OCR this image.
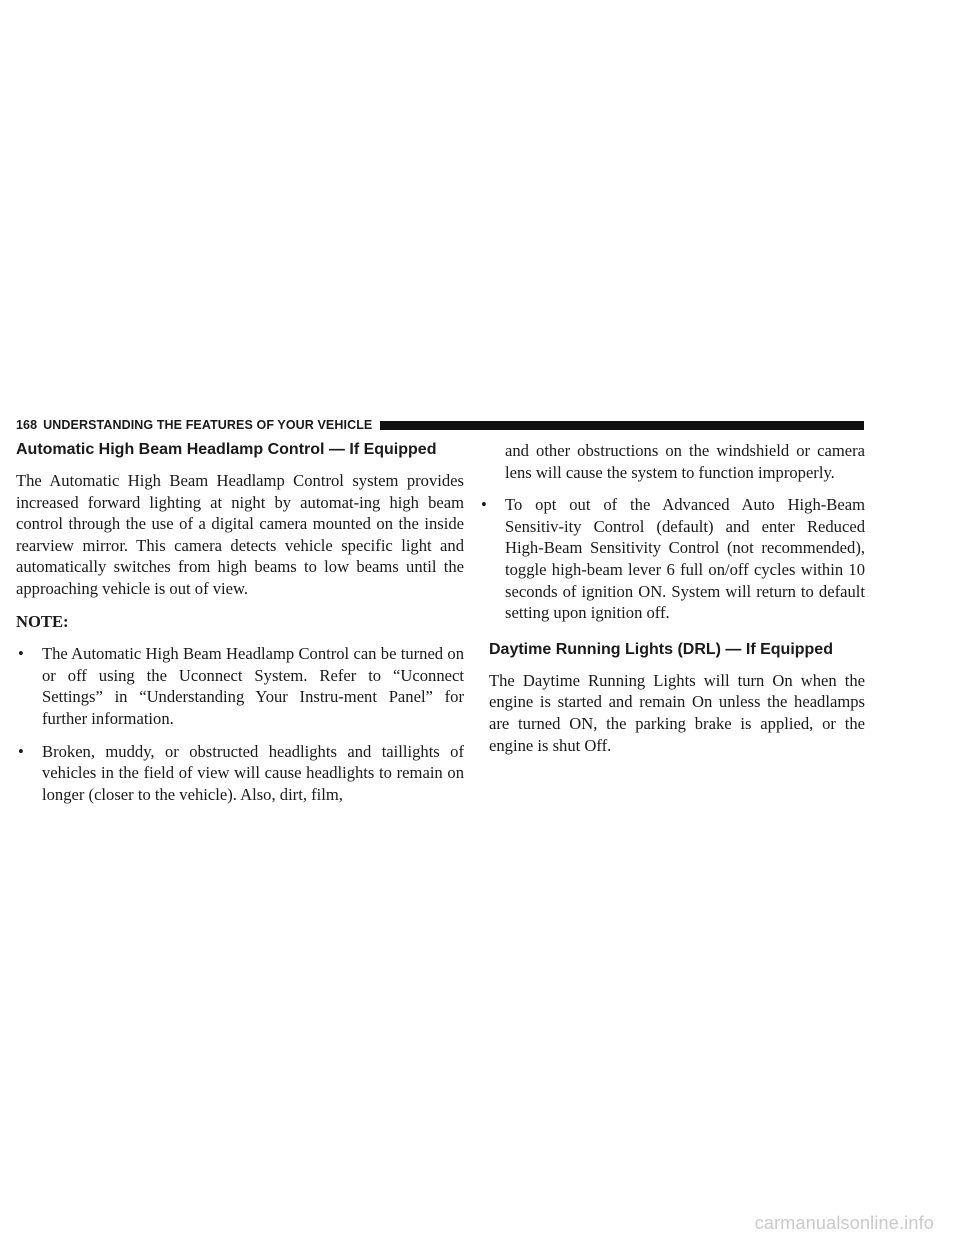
168 UNDERSTANDING THE FEATURES OF YOUR VEHICLE
Automatic High Beam Headlamp Control — If Equipped

The Automatic High Beam Headlamp Control system provides increased forward lighting at night by automat-ing high beam control through the use of a digital camera mounted on the inside rearview mirror. This camera detects vehicle specific light and automatically switches from high beams to low beams until the approaching vehicle is out of view.

NOTE:

• The Automatic High Beam Headlamp Control can be turned on or off using the Uconnect System. Refer to “Uconnect Settings” in “Understanding Your Instru-ment Panel” for further information.
• Broken, muddy, or obstructed headlights and taillights of vehicles in the field of view will cause headlights to remain on longer (closer to the vehicle). Also, dirt, film,

and other obstructions on the windshield or camera lens will cause the system to function improperly.

• To opt out of the Advanced Auto High-Beam Sensitiv-ity Control (default) and enter Reduced High-Beam Sensitivity Control (not recommended), toggle high-beam lever 6 full on/off cycles within 10 seconds of ignition ON. System will return to default setting upon ignition off.
Daytime Running Lights (DRL) — If Equipped

The Daytime Running Lights will turn On when the engine is started and remain On unless the headlamps are turned ON, the parking brake is applied, or the engine is shut Off.

carmanualsonline.info
